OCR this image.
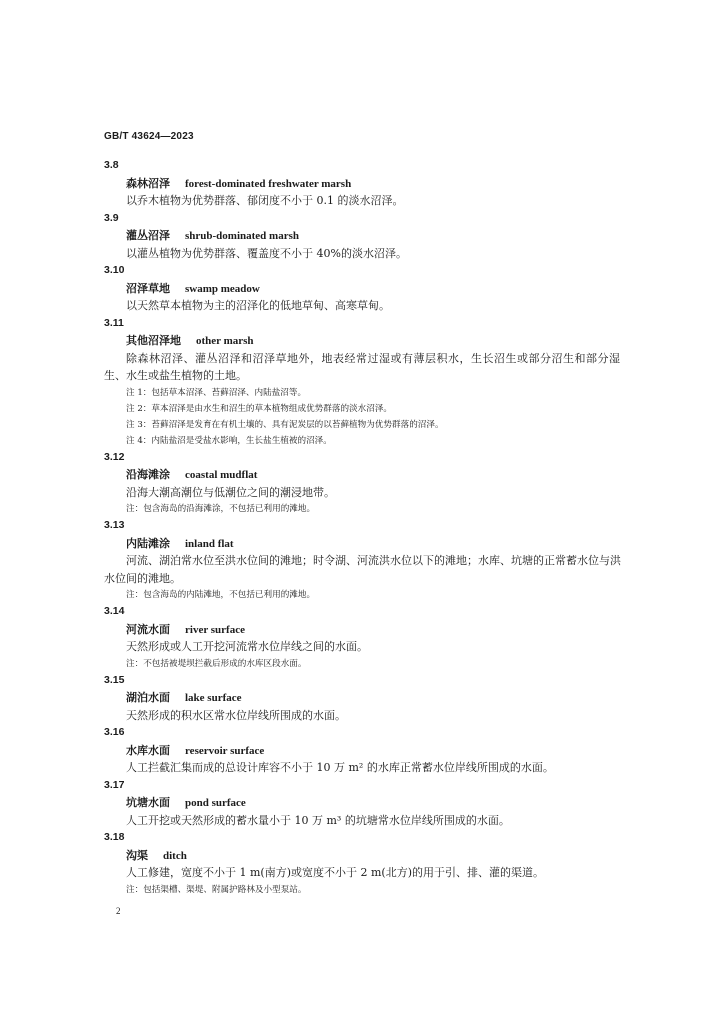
GB/T 43624—2023
3.8
森林沼泽 forest-dominated freshwater marsh
以乔木植物为优势群落、郁闭度不小于 0.1 的淡水沼泽。
3.9
灌丛沼泽 shrub-dominated marsh
以灌丛植物为优势群落、覆盖度不小于 40%的淡水沼泽。
3.10
沼泽草地 swamp meadow
以天然草本植物为主的沼泽化的低地草甸、高寒草甸。
3.11
其他沼泽地 other marsh
除森林沼泽、灌丛沼泽和沼泽草地外，地表经常过湿或有薄层积水，生长沼生或部分沼生和部分湿
生、水生或盐生植物的土地。
注 1：包括草本沼泽、苔藓沼泽、内陆盐沼等。
注 2：草本沼泽是由水生和沼生的草本植物组成优势群落的淡水沼泽。
注 3：苔藓沼泽是发育在有机土壤的、具有泥炭层的以苔藓植物为优势群落的沼泽。
注 4：内陆盐沼是受盐水影响，生长盐生植被的沼泽。
3.12
沿海滩涂 coastal mudflat
沿海大潮高潮位与低潮位之间的潮浸地带。
注：包含海岛的沿海滩涂，不包括已利用的滩地。
3.13
内陆滩涂 inland flat
河流、湖泊常水位至洪水位间的滩地；时令湖、河流洪水位以下的滩地；水库、坑塘的正常蓄水位与洪
水位间的滩地。
注：包含海岛的内陆滩地，不包括已利用的滩地。
3.14
河流水面 river surface
天然形成或人工开挖河流常水位岸线之间的水面。
注：不包括被堤坝拦截后形成的水库区段水面。
3.15
湖泊水面 lake surface
天然形成的积水区常水位岸线所围成的水面。
3.16
水库水面 reservoir surface
人工拦截汇集而成的总设计库容不小于 10 万 m² 的水库正常蓄水位岸线所围成的水面。
3.17
坑塘水面 pond surface
人工开挖或天然形成的蓄水量小于 10 万 m³ 的坑塘常水位岸线所围成的水面。
3.18
沟渠 ditch
人工修建，宽度不小于 1 m(南方)或宽度不小于 2 m(北方)的用于引、排、灌的渠道。
注：包括渠槽、渠堤、附属护路林及小型泵站。
2
